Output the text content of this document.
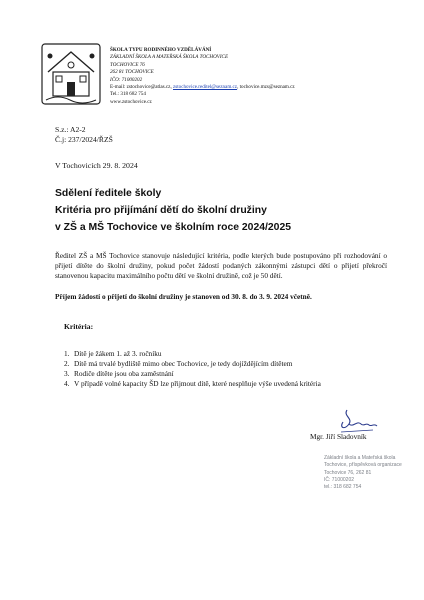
ŠKOLA TYPU RODINNÉHO VZDĚLÁVÁNÍ
ZÁKLADNÍ ŠKOLA A MATEŘSKÁ ŠKOLA TOCHOVICE
TOCHOVICE 76
262 81 TOCHOVICE
IČO: 71000202
E-mail: zstochovice@atlas.cz, zstochovice.reditel@seznam.cz, tochovice.mzs@seznam.cz
Tel.: 318 682 754
www.zstochovice.cz
S.z.: A2-2
Č.j: 237/2024/ŘZŠ
V Tochovicích 29. 8. 2024
Sdělení ředitele školy
Kritéria pro přijímání dětí do školní družiny
v ZŠ a MŠ Tochovice ve školním roce 2024/2025
Ředitel ZŠ a MŠ Tochovice stanovuje následující kritéria, podle kterých bude postupováno při rozhodování o přijetí dítěte do školní družiny, pokud počet žádostí podaných zákonnými zástupci dětí o přijetí překročí stanovenou kapacitu maximálního počtu dětí ve školní družině, což je 50 dětí.
Příjem žádostí o přijetí do školní družiny je stanoven od 30. 8. do 3. 9. 2024 včetně.
Kritéria:
1. Dítě je žákem 1. až 3. ročníku
2. Dítě má trvalé bydliště mimo obec Tochovice, je tedy dojíždějícím dítětem
3. Rodiče dítěte jsou oba zaměstnání
4. V případě volné kapacity ŠD lze přijmout dítě, které nesplňuje výše uvedená kritéria
Mgr. Jiří Sladovník
Základní škola a Mateřská škola
Tochovice, příspěvková organizace
Tochovice 76, 262 81
IČ: 71000202
tel.: 318 682 754
